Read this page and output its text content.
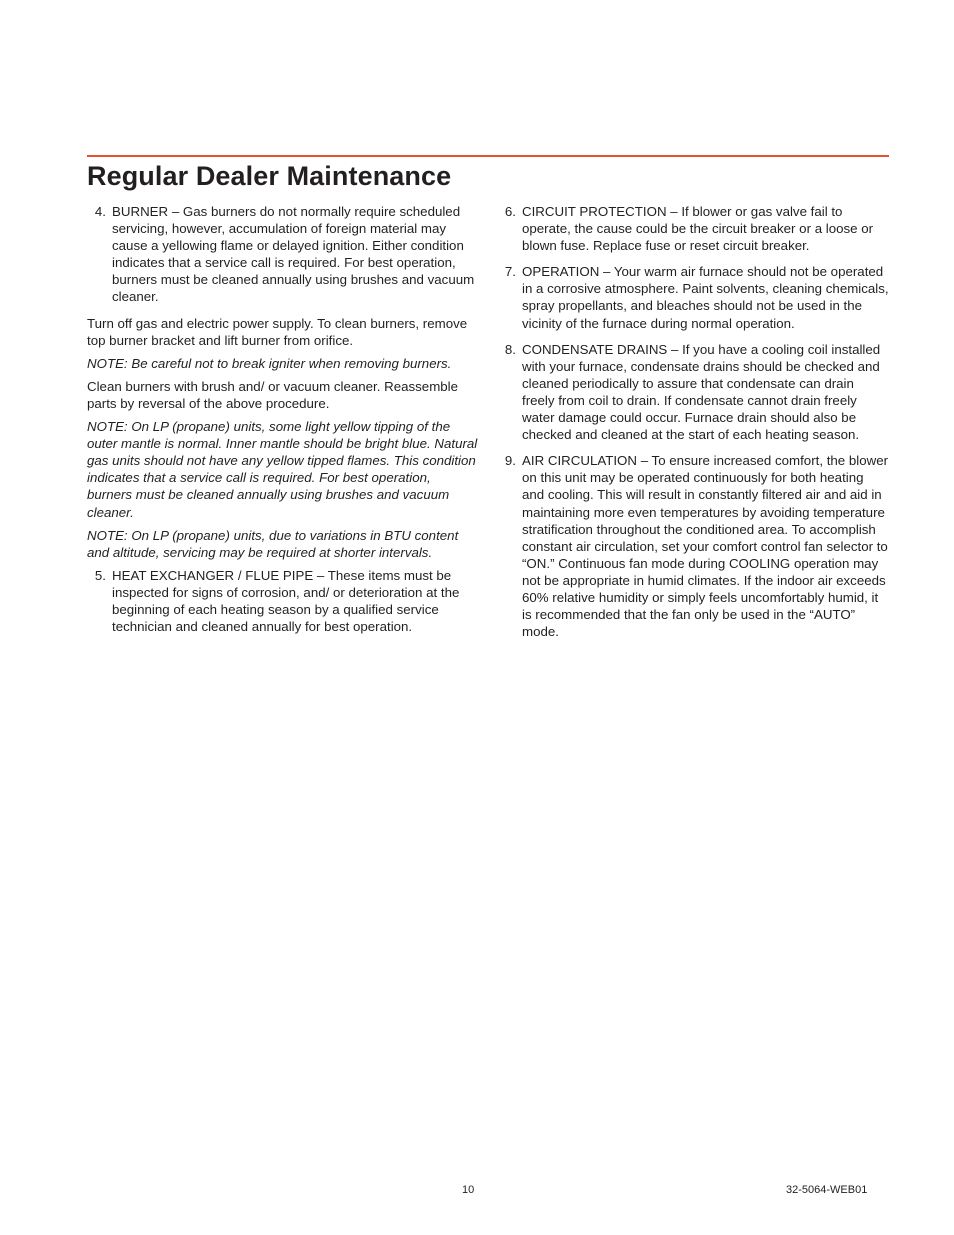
Regular Dealer Maintenance
4. BURNER – Gas burners do not normally require scheduled servicing, however, accumulation of foreign material may cause a yellowing flame or delayed ignition. Either condition indicates that a service call is required. For best operation, burners must be cleaned annually using brushes and vacuum cleaner.

Turn off gas and electric power supply. To clean burners, remove top burner bracket and lift burner from orifice.

NOTE: Be careful not to break igniter when removing burners.

Clean burners with brush and/ or vacuum cleaner. Reassemble parts by reversal of the above procedure.

NOTE: On LP (propane) units, some light yellow tipping of the outer mantle is normal. Inner mantle should be bright blue. Natural gas units should not have any yellow tipped flames. This condition indicates that a service call is required. For best operation, burners must be cleaned annually using brushes and vacuum cleaner.

NOTE: On LP (propane) units, due to variations in BTU content and altitude, servicing may be required at shorter intervals.

5. HEAT EXCHANGER / FLUE PIPE – These items must be inspected for signs of corrosion, and/ or deterioration at the beginning of each heating season by a qualified service technician and cleaned annually for best operation.
6. CIRCUIT PROTECTION – If blower or gas valve fail to operate, the cause could be the circuit breaker or a loose or blown fuse. Replace fuse or reset circuit breaker.
7. OPERATION – Your warm air furnace should not be operated in a corrosive atmosphere. Paint solvents, cleaning chemicals, spray propellants, and bleaches should not be used in the vicinity of the furnace during normal operation.
8. CONDENSATE DRAINS – If you have a cooling coil installed with your furnace, condensate drains should be checked and cleaned periodically to assure that condensate can drain freely from coil to drain. If condensate cannot drain freely water damage could occur. Furnace drain should also be checked and cleaned at the start of each heating season.
9. AIR CIRCULATION – To ensure increased comfort, the blower on this unit may be operated continuously for both heating and cooling. This will result in constantly filtered air and aid in maintaining more even temperatures by avoiding temperature stratification throughout the conditioned area. To accomplish constant air circulation, set your comfort control fan selector to “ON.” Continuous fan mode during COOLING operation may not be appropriate in humid climates. If the indoor air exceeds 60% relative humidity or simply feels uncomfortably humid, it is recommended that the fan only be used in the “AUTO” mode.
10	32-5064-WEB01
